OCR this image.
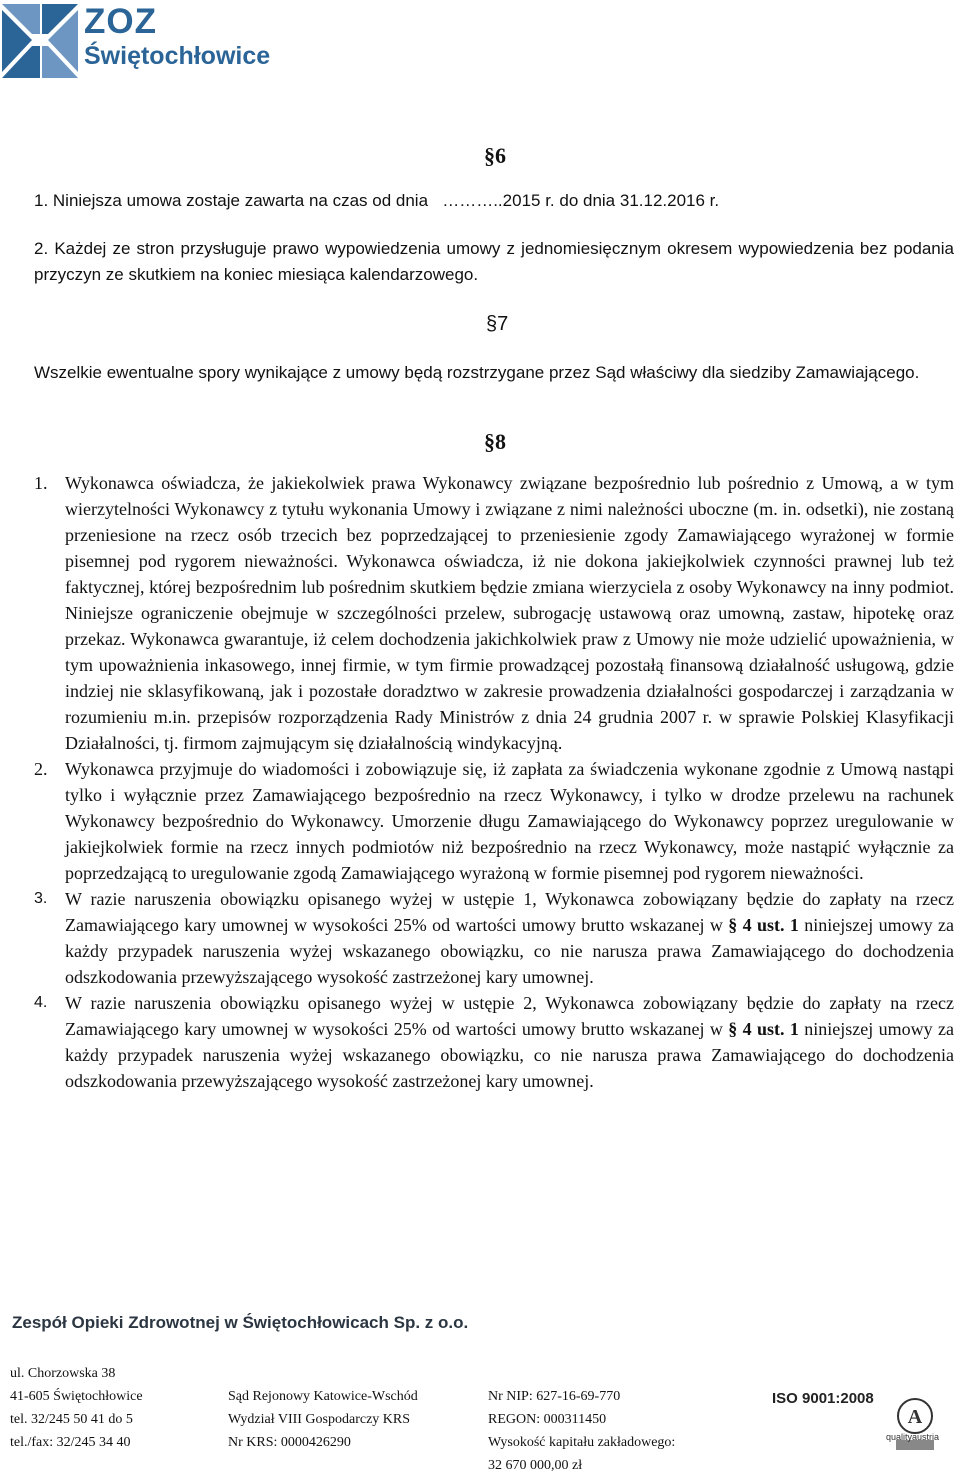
ZOZ
Świętochłowice
§6
1. Niniejsza umowa zostaje zawarta na czas od dnia   ………..2015 r. do dnia 31.12.2016 r.
2. Każdej ze stron przysługuje prawo wypowiedzenia umowy z jednomiesięcznym okresem wypowiedzenia bez podania przyczyn ze skutkiem na koniec miesiąca kalendarzowego.
§7
Wszelkie ewentualne spory wynikające z umowy będą rozstrzygane przez Sąd właściwy dla siedziby Zamawiającego.
§8
1. Wykonawca oświadcza, że jakiekolwiek prawa Wykonawcy związane bezpośrednio lub pośrednio z Umową, a w tym wierzytelności Wykonawcy z tytułu wykonania Umowy i związane z nimi należności uboczne (m. in. odsetki), nie zostaną przeniesione na rzecz osób trzecich bez poprzedzającej to przeniesienie zgody Zamawiającego wyrażonej w formie pisemnej pod rygorem nieważności. Wykonawca oświadcza, iż nie dokona jakiejkolwiek czynności prawnej lub też faktycznej, której bezpośrednim lub pośrednim skutkiem będzie zmiana wierzyciela z osoby Wykonawcy na inny podmiot. Niniejsze ograniczenie obejmuje w szczególności przelew, subrogację ustawową oraz umowną, zastaw, hipotekę oraz przekaz. Wykonawca gwarantuje, iż celem dochodzenia jakichkolwiek praw z Umowy nie może udzielić upoważnienia, w tym upoważnienia inkasowego, innej firmie, w tym firmie prowadzącej pozostałą finansową działalność usługową, gdzie indziej nie sklasyfikowaną, jak i pozostałe doradztwo w zakresie prowadzenia działalności gospodarczej i zarządzania w rozumieniu m.in. przepisów rozporządzenia Rady Ministrów z dnia 24 grudnia 2007 r. w sprawie Polskiej Klasyfikacji Działalności, tj. firmom zajmującym się działalnością windykacyjną.
2. Wykonawca przyjmuje do wiadomości i zobowiązuje się, iż zapłata za świadczenia wykonane zgodnie z Umową nastąpi tylko i wyłącznie przez Zamawiającego bezpośrednio na rzecz Wykonawcy, i tylko w drodze przelewu na rachunek Wykonawcy bezpośrednio do Wykonawcy. Umorzenie długu Zamawiającego do Wykonawcy poprzez uregulowanie w jakiejkolwiek formie na rzecz innych podmiotów niż bezpośrednio na rzecz Wykonawcy, może nastąpić wyłącznie za poprzedzającą to uregulowanie zgodą Zamawiającego wyrażoną w formie pisemnej pod rygorem nieważności.
3. W razie naruszenia obowiązku opisanego wyżej w ustępie 1, Wykonawca zobowiązany będzie do zapłaty na rzecz Zamawiającego kary umownej w wysokości 25% od wartości umowy brutto wskazanej w § 4 ust. 1 niniejszej umowy za każdy przypadek naruszenia wyżej wskazanego obowiązku, co nie narusza prawa Zamawiającego do dochodzenia odszkodowania przewyższającego wysokość zastrzeżonej kary umownej.
4. W razie naruszenia obowiązku opisanego wyżej w ustępie 2, Wykonawca zobowiązany będzie do zapłaty na rzecz Zamawiającego kary umownej w wysokości 25% od wartości umowy brutto wskazanej w § 4 ust. 1 niniejszej umowy za każdy przypadek naruszenia wyżej wskazanego obowiązku, co nie narusza prawa Zamawiającego do dochodzenia odszkodowania przewyższającego wysokość zastrzeżonej kary umownej.
Zespół Opieki Zdrowotnej w Świętochłowicach Sp. z o.o.
ul. Chorzowska 38
41-605 Świętochłowice
tel. 32/245 50 41 do 5
tel./fax: 32/245 34 40
Sąd Rejonowy Katowice-Wschód
Wydział VIII Gospodarczy KRS
Nr KRS: 0000426290
Nr NIP: 627-16-69-770
REGON: 000311450
Wysokość kapitału zakładowego:
32 670 000,00 zł
ISO 9001:2008
A
qualityaustria
